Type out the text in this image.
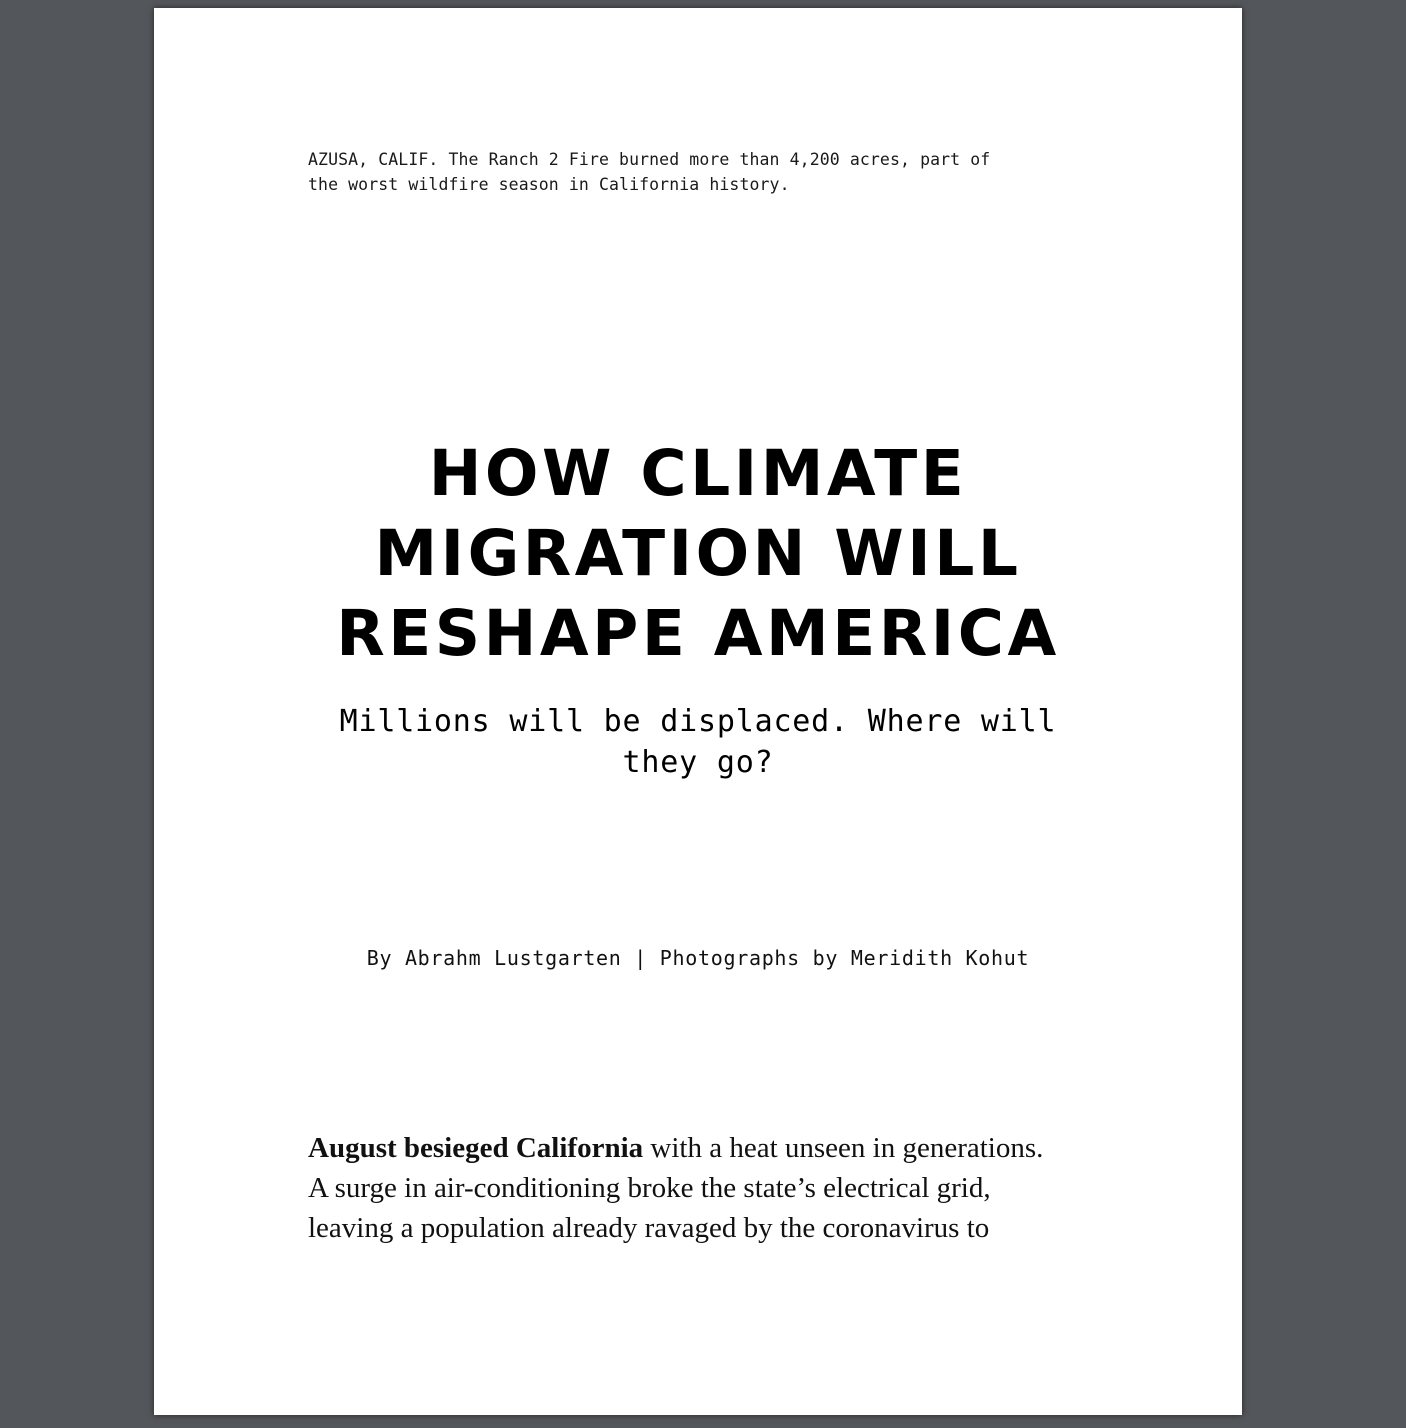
AZUSA, CALIF. The Ranch 2 Fire burned more than 4,200 acres, part of
the worst wildfire season in California history.

HOW CLIMATE
MIGRATION WILL
RESHAPE AMERICA

Millions will be displaced. Where will
they go?

By Abrahm Lustgarten | Photographs by Meridith Kohut

August besieged California with a heat unseen in generations.
A surge in air-conditioning broke the state’s electrical grid,
leaving a population already ravaged by the coronavirus to
